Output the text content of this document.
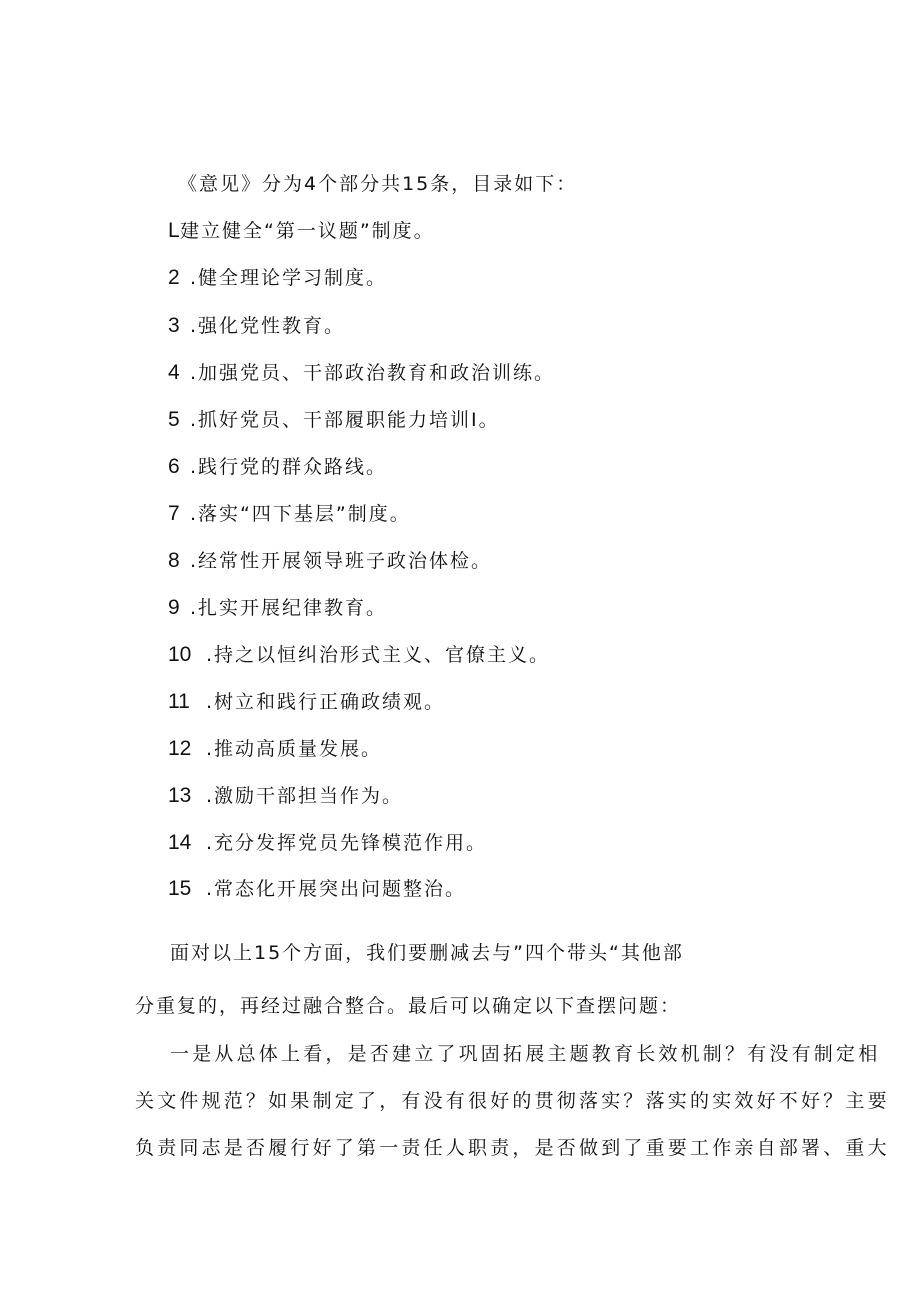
《意见》分为4个部分共15条，目录如下：
L建立健全“第一议题”制度。
2 .健全理论学习制度。
3 .强化党性教育。
4 .加强党员、干部政治教育和政治训练。
5 .抓好党员、干部履职能力培训I。
6 .践行党的群众路线。
7 .落实“四下基层”制度。
8 .经常性开展领导班子政治体检。
9 .扎实开展纪律教育。
10 .持之以恒纠治形式主义、官僚主义。
11 .树立和践行正确政绩观。
12 .推动高质量发展。
13 .激励干部担当作为。
14 .充分发挥党员先锋模范作用。
15 .常态化开展突出问题整治。
面对以上15个方面，我们要删减去与”四个带头“其他部
分重复的，再经过融合整合。最后可以确定以下查摆问题：
一是从总体上看，是否建立了巩固拓展主题教育长效机制？有没有制定相
关文件规范？如果制定了，有没有很好的贯彻落实？落实的实效好不好？主要
负责同志是否履行好了第一责任人职责，是否做到了重要工作亲自部署、重大
